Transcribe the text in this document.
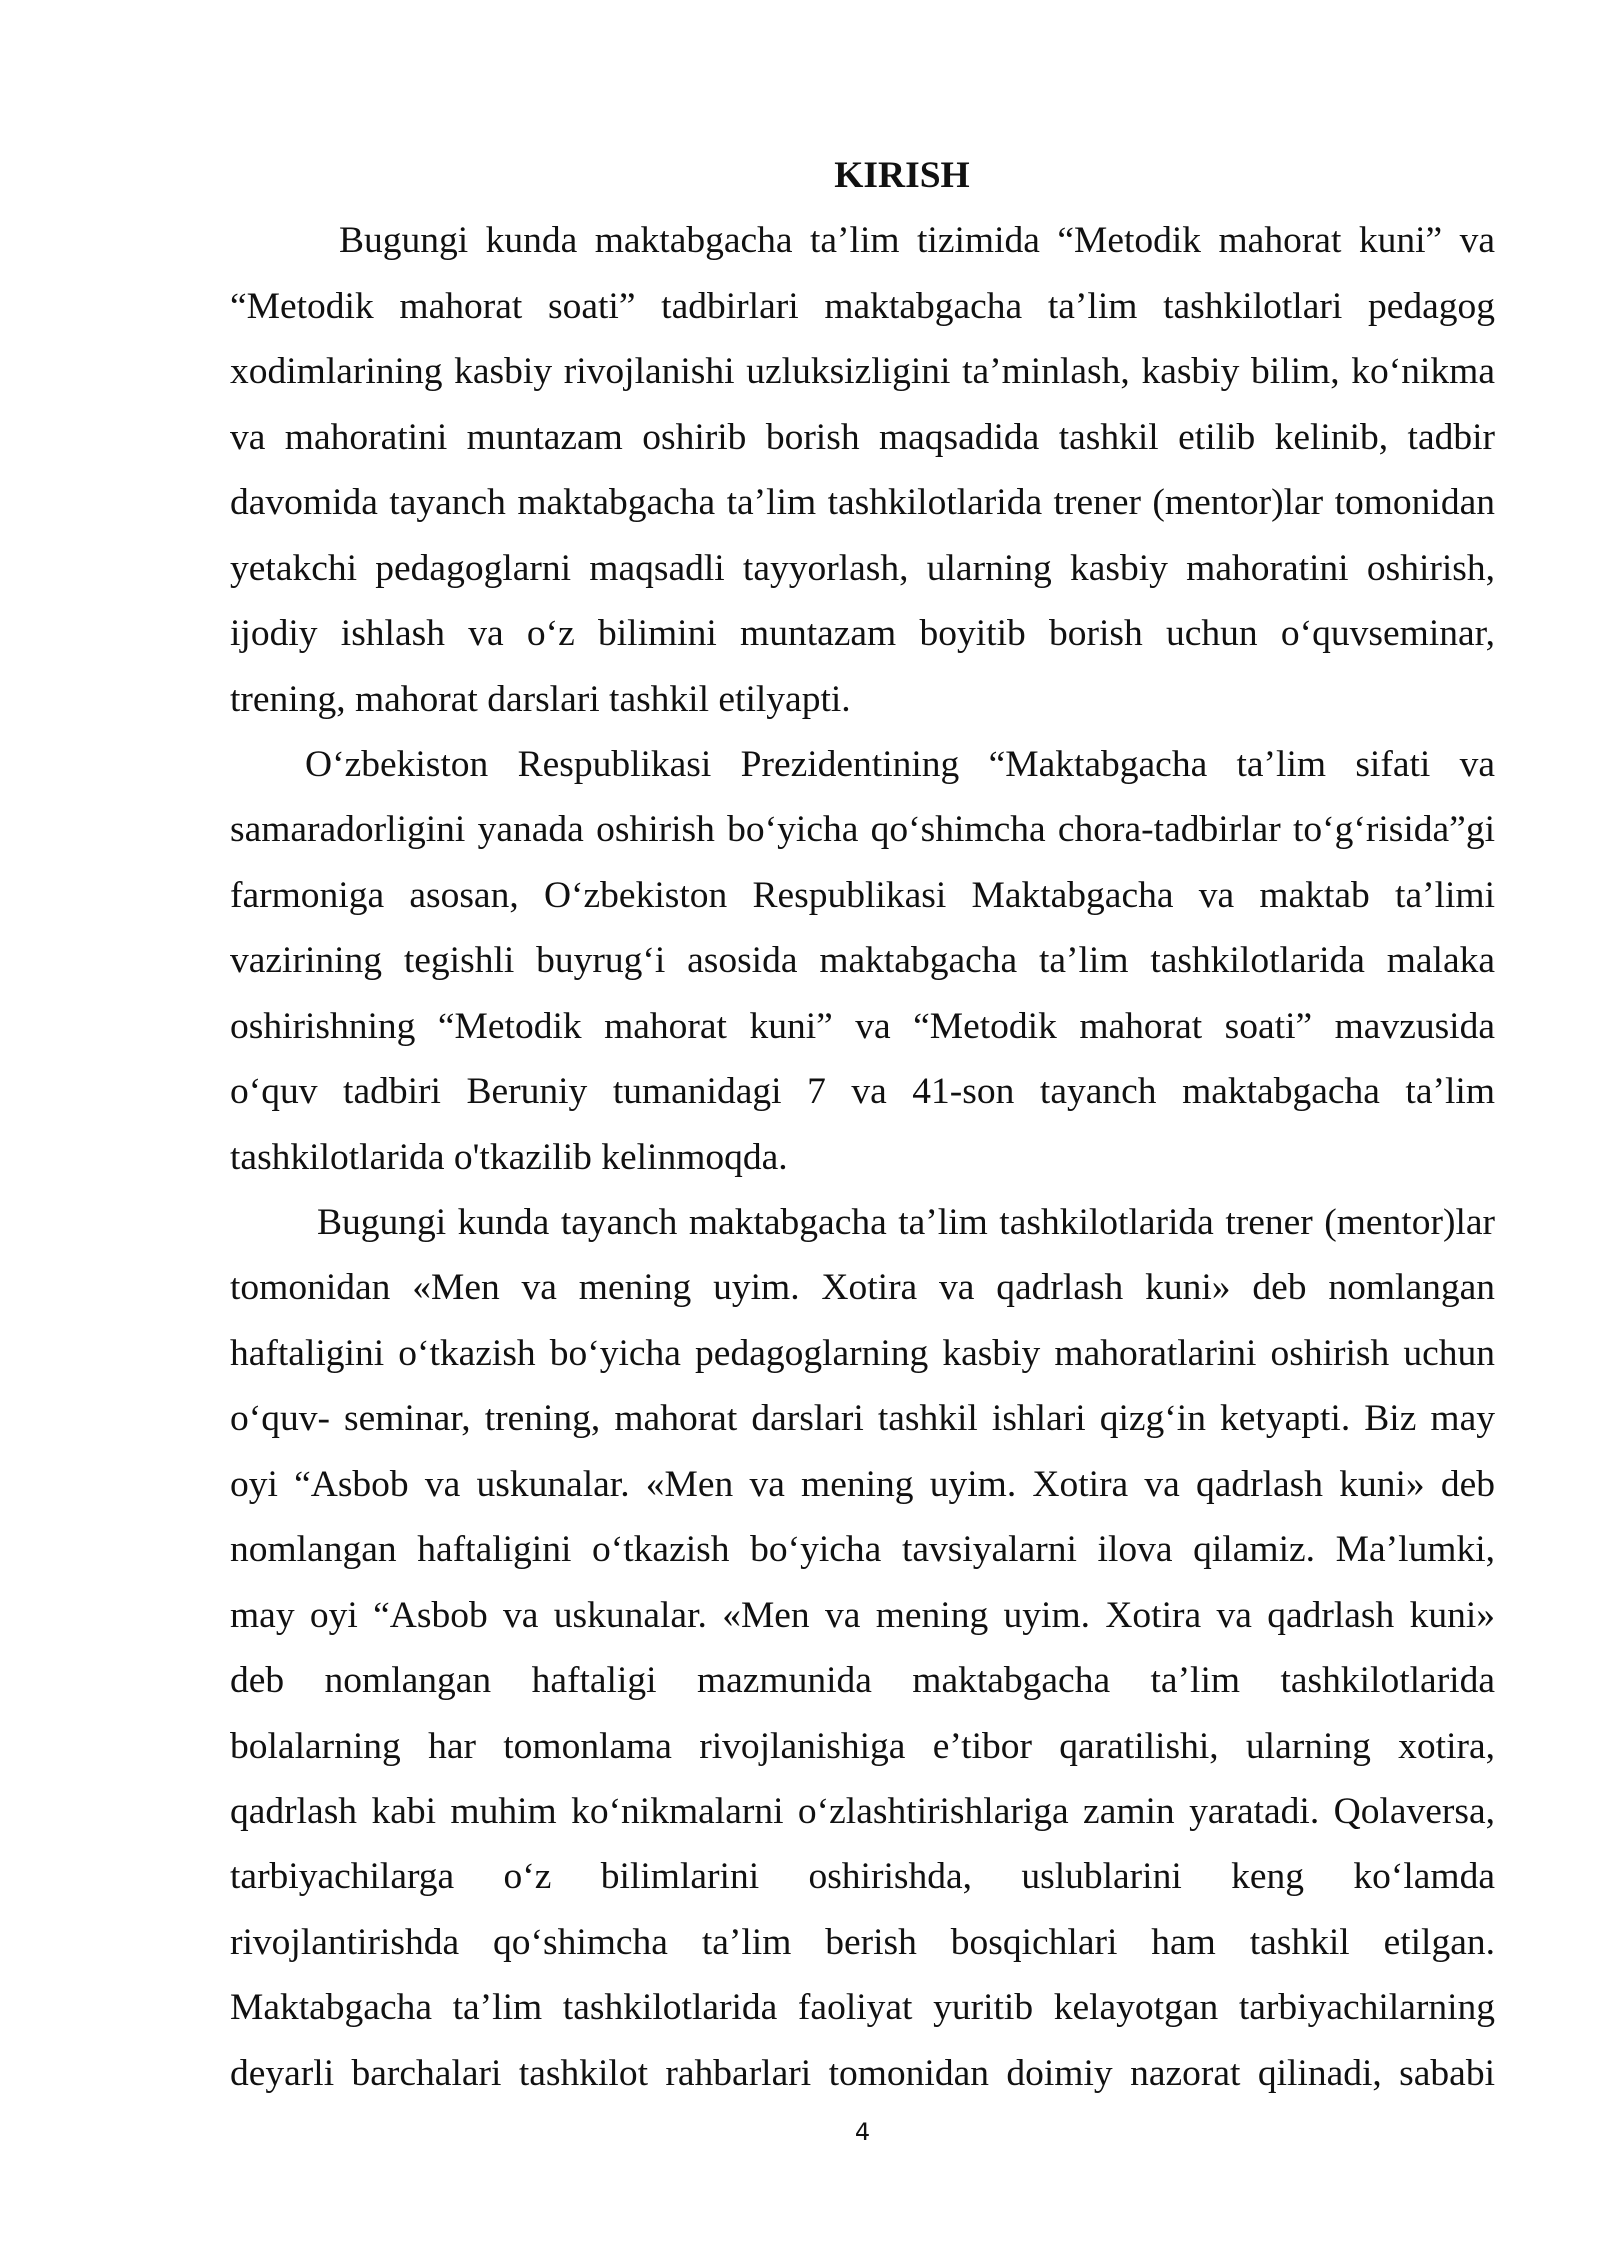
KIRISH
Bugungi kunda maktabgacha ta’lim tizimida “Metodik mahorat kuni” va
“Metodik mahorat soati” tadbirlari maktabgacha ta’lim tashkilotlari pedagog
xodimlarining kasbiy rivojlanishi uzluksizligini ta’minlash, kasbiy bilim, ko‘nikma
va mahoratini muntazam oshirib borish maqsadida tashkil etilib kelinib, tadbir
davomida tayanch maktabgacha ta’lim tashkilotlarida trener (mentor)lar tomonidan
yetakchi pedagoglarni maqsadli tayyorlash, ularning kasbiy mahoratini oshirish,
ijodiy ishlash va o‘z bilimini muntazam boyitib borish uchun o‘quvseminar,
trening, mahorat darslari tashkil etilyapti.
O‘zbekiston Respublikasi Prezidentining “Maktabgacha ta’lim sifati va
samaradorligini yanada oshirish bo‘yicha qo‘shimcha chora-tadbirlar to‘g‘risida”gi
farmoniga asosan, O‘zbekiston Respublikasi Maktabgacha va maktab ta’limi
vazirining tegishli buyrug‘i asosida maktabgacha ta’lim tashkilotlarida malaka
oshirishning “Metodik mahorat kuni” va “Metodik mahorat soati” mavzusida
o‘quv tadbiri Beruniy tumanidagi 7 va 41-son tayanch maktabgacha ta’lim
tashkilotlarida o'tkazilib kelinmoqda.
Bugungi kunda tayanch maktabgacha ta’lim tashkilotlarida trener (mentor)lar
tomonidan «Men va mening uyim. Xotira va qadrlash kuni» deb nomlangan
haftaligini o‘tkazish bo‘yicha pedagoglarning kasbiy mahoratlarini oshirish uchun
o‘quv- seminar, trening, mahorat darslari tashkil ishlari qizg‘in ketyapti. Biz may
oyi “Asbob va uskunalar. «Men va mening uyim. Xotira va qadrlash kuni» deb
nomlangan haftaligini o‘tkazish bo‘yicha tavsiyalarni ilova qilamiz. Ma’lumki,
may oyi “Asbob va uskunalar. «Men va mening uyim. Xotira va qadrlash kuni»
deb nomlangan haftaligi mazmunida maktabgacha ta’lim tashkilotlarida
bolalarning har tomonlama rivojlanishiga e’tibor qaratilishi, ularning xotira,
qadrlash kabi muhim ko‘nikmalarni o‘zlashtirishlariga zamin yaratadi. Qolaversa,
tarbiyachilarga o‘z bilimlarini oshirishda, uslublarini keng ko‘lamda
rivojlantirishda qo‘shimcha ta’lim berish bosqichlari ham tashkil etilgan.
Maktabgacha ta’lim tashkilotlarida faoliyat yuritib kelayotgan tarbiyachilarning
deyarli barchalari tashkilot rahbarlari tomonidan doimiy nazorat qilinadi, sababi
4
